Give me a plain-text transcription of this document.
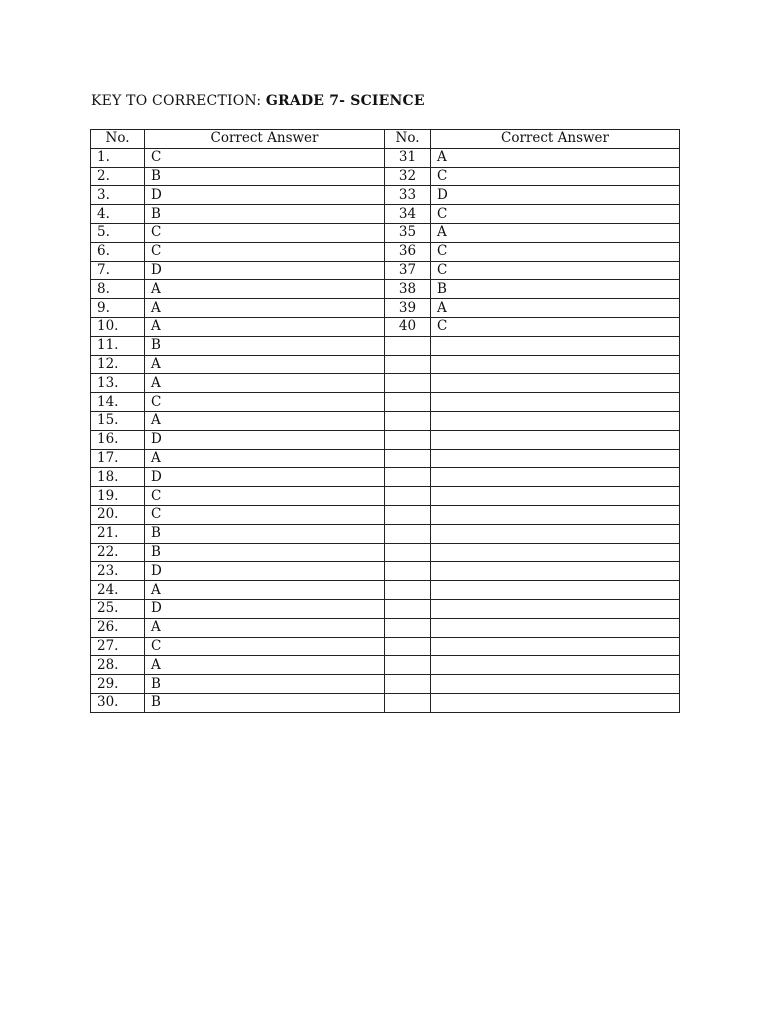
KEY TO CORRECTION: GRADE 7- SCIENCE
No.	Correct Answer	No.	Correct Answer
1.	C	31	A
2.	B	32	C
3.	D	33	D
4.	B	34	C
5.	C	35	A
6.	C	36	C
7.	D	37	C
8.	A	38	B
9.	A	39	A
10.	A	40	C
11.	B		
12.	A		
13.	A		
14.	C		
15.	A		
16.	D		
17.	A		
18.	D		
19.	C		
20.	C		
21.	B		
22.	B		
23.	D		
24.	A		
25.	D		
26.	A		
27.	C		
28.	A		
29.	B		
30.	B		
